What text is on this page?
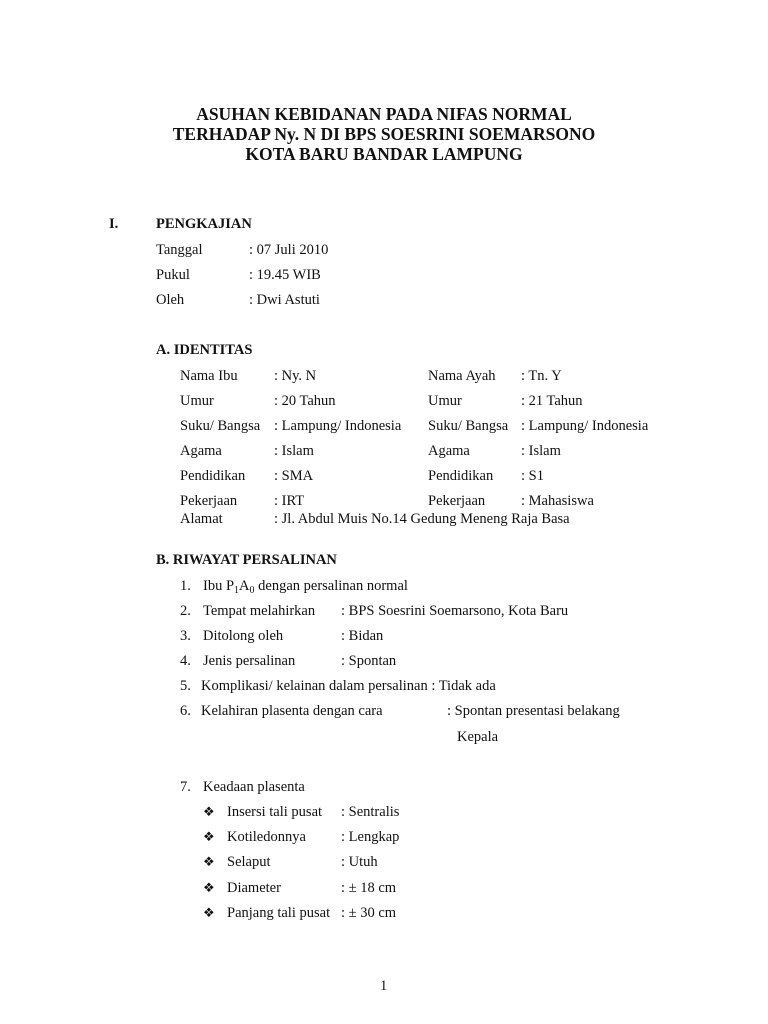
ASUHAN KEBIDANAN PADA NIFAS NORMAL
TERHADAP Ny. N DI BPS SOESRINI SOEMARSONO
KOTA BARU BANDAR LAMPUNG
I.	PENGKAJIAN
Tanggal	: 07 Juli 2010
Pukul	: 19.45 WIB
Oleh	: Dwi Astuti
A. IDENTITAS
Nama Ibu	: Ny. N	Nama Ayah : Tn. Y
Umur	: 20 Tahun	Umur	: 21 Tahun
Suku/ Bangsa : Lampung/ Indonesia Suku/ Bangsa : Lampung/ Indonesia
Agama	: Islam	Agama	: Islam
Pendidikan : SMA	Pendidikan : S1
Pekerjaan	: IRT	Pekerjaan : Mahasiswa
Alamat	: Jl. Abdul Muis No.14 Gedung Meneng Raja Basa
B. RIWAYAT PERSALINAN
1. Ibu $P_1A_0$ dengan persalinan normal
2. Tempat melahirkan : BPS Soesrini Soemarsono, Kota Baru
3. Ditolong oleh	: Bidan
4. Jenis persalinan	: Spontan
5. Komplikasi/ kelainan dalam persalinan : Tidak ada
6. Kelahiran plasenta dengan cara	: Spontan presentasi belakang
Kepala
7. Keadaan plasenta
❖ Insersi tali pusat : Sentralis
❖ Kotiledonnya : Lengkap
❖ Selaput	: Utuh
❖ Diameter	: ± 18 cm
❖ Panjang tali pusat : ± 30 cm
1
